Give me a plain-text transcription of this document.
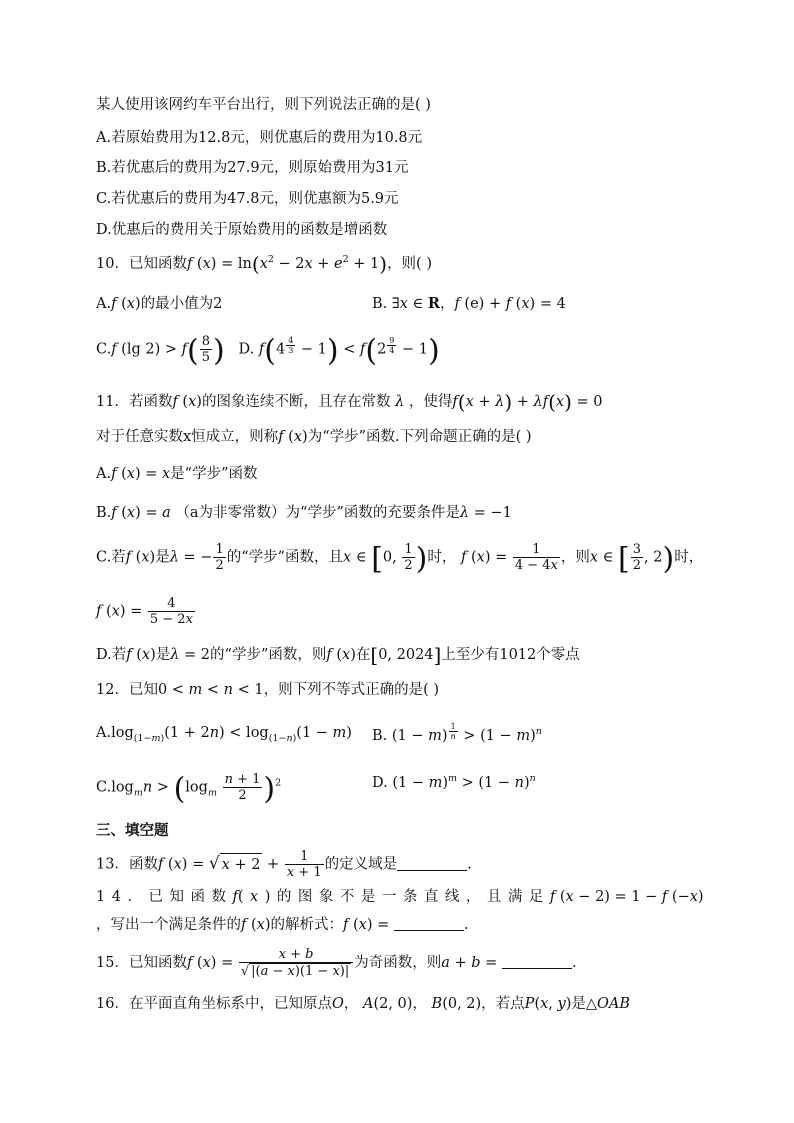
某人使用该网约车平台出行，则下列说法正确的是( )
A.若原始费用为12.8元，则优惠后的费用为10.8元
B.若优惠后的费用为27.9元，则原始费用为31元
C.若优惠后的费用为47.8元，则优惠额为5.9元
D.优惠后的费用关于原始费用的函数是增函数
10．已知函数f $(x) = \ln(x^2 - 2x + e^2 + 1)$，则( )
A.f (x)的最小值为2	B. ∃x ∈ R，f (e) + f (x) = 4
C.f (lg $2) > f( \frac{8}{5}$ ) D. f(4 $^{\frac{4}{3}}$ − 1) < f(2 $^{\frac{9}{4}}$ − 1)
11．若函数f (x)的图象连续不断，且存在常数 λ ，使得f(x + λ) + λf(x) = 0
对于任意实数x恒成立，则称f (x)为“学步”函数.下列命题正确的是( )
A.f (x) = x是“学步”函数
B.f (x) = a （a为非零常数）为“学步”函数的充要条件是λ = −1
C.若f (x)是λ = − $\frac{1}{2}$ 的“学步”函数，且x ∈ [0, $\frac{1}{2}$ )时， f $(x) = \frac{1}{4 - 4x}$ ，则x ∈ [ $\frac{3}{2}$ , 2)时，
f $(x) = \frac{4}{5 - 2x}$
D.若f (x)是λ = 2的“学步”函数，则f (x)在[0, 2024]上至少有1012个零点
12．已知0 < m < n < 1，则下列不等式正确的是( )
$A.\log_{(1-m)}(1 + 2n) < \log_{(1-n)}(1 - m)$ B. (1 − m) $^{\frac{1}{n}} > (1 - m)^n$
$C.\log_mn > (\log_m \frac{n + 1}{2} )^2$	D. $(1 - m)^m > (1 - n)^n$
三、填空题
13．函数f (x) = √ $x + 2 + \frac{1}{x + 1}$ 的定义域是	.
14．已知函数f(x)的图象不是一条直线，且满足f (x − 2) = 1 − f (−x)
，写出一个满足条件的f (x)的解析式：f (x) =	.
15．已知函数f $(x) = \frac{x + b}{√ |(a - x)(1 - x)|}$ 为奇函数，则a + b =	.
16．在平面直角坐标系中，已知原点O， A(2, 0)， B(0, 2)，若点P(x, y)是△OAB
